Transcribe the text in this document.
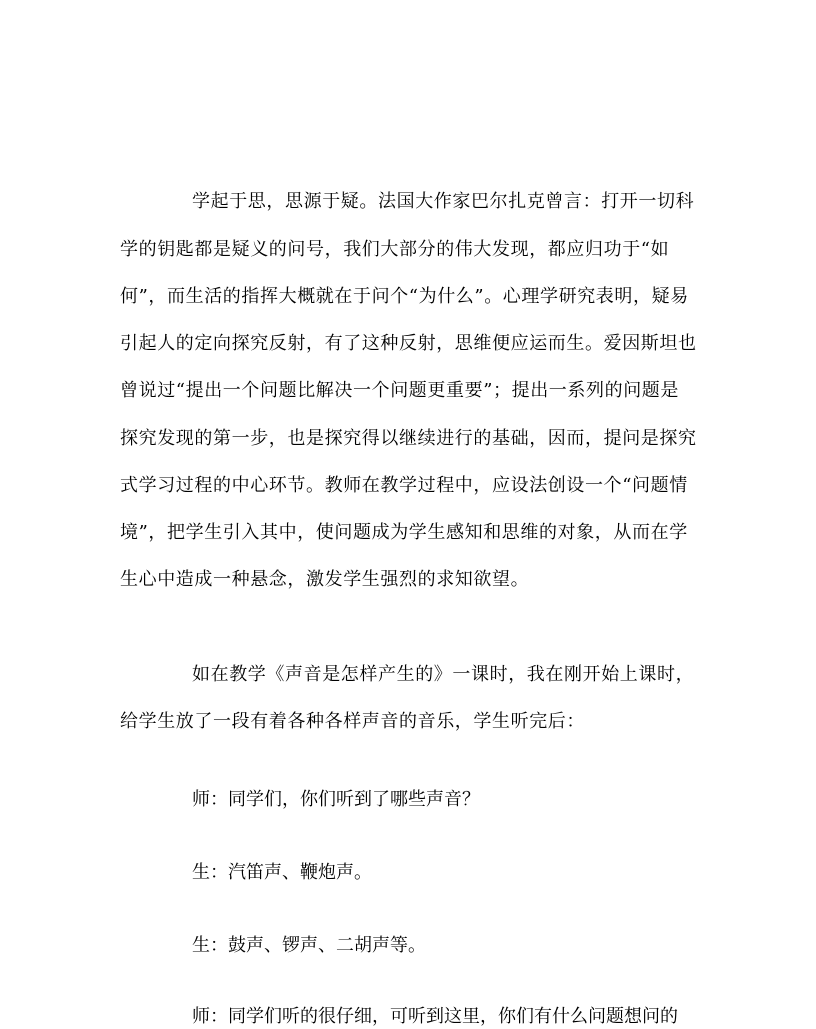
学起于思，思源于疑。法国大作家巴尔扎克曾言：打开一切科
学的钥匙都是疑义的问号，我们大部分的伟大发现，都应归功于“如
何”，而生活的指挥大概就在于问个“为什么”。心理学研究表明，疑易
引起人的定向探究反射，有了这种反射，思维便应运而生。爱因斯坦也
曾说过“提出一个问题比解决一个问题更重要”；提出一系列的问题是
探究发现的第一步，也是探究得以继续进行的基础，因而，提问是探究
式学习过程的中心环节。教师在教学过程中，应设法创设一个“问题情
境”，把学生引入其中，使问题成为学生感知和思维的对象，从而在学
生心中造成一种悬念，激发学生强烈的求知欲望。
如在教学《声音是怎样产生的》一课时，我在刚开始上课时，
给学生放了一段有着各种各样声音的音乐，学生听完后：
师：同学们，你们听到了哪些声音？
生：汽笛声、鞭炮声。
生：鼓声、锣声、二胡声等。
师：同学们听的很仔细，可听到这里，你们有什么问题想问的
